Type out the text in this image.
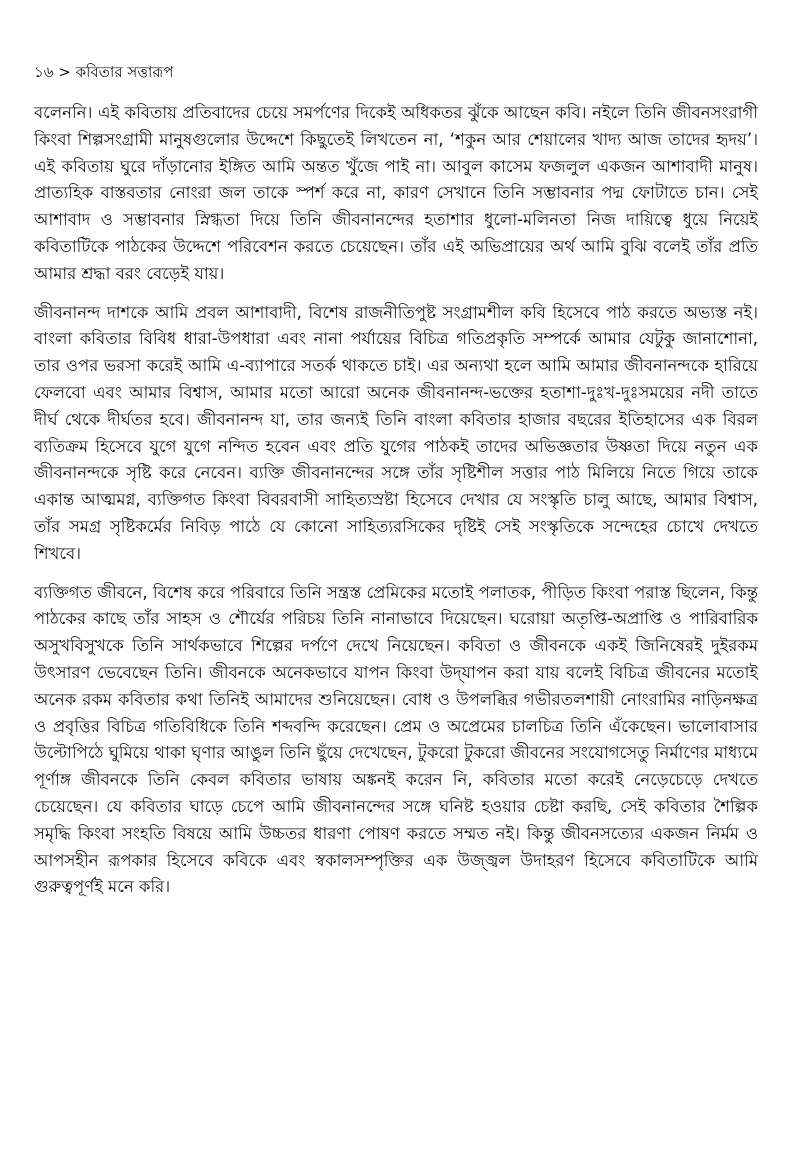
১৬ > কবিতার সত্তারূপ

বলেননি। এই কবিতায় প্রতিবাদের চেয়ে সমর্পণের দিকেই অধিকতর ঝুঁকে আছেন কবি। নইলে তিনি জীবনসংরাগী কিংবা শিল্পসংগ্রামী মানুষগুলোর উদ্দেশে কিছুতেই লিখতেন না, ‘শকুন আর শেয়ালের খাদ্য আজ তাদের হৃদয়’। এই কবিতায় ঘুরে দাঁড়ানোর ইঙ্গিত আমি অন্তত খুঁজে পাই না। আবুল কাসেম ফজলুল একজন আশাবাদী মানুষ। প্রাত্যহিক বাস্তবতার নোংরা জল তাকে স্পর্শ করে না, কারণ সেখানে তিনি সম্ভাবনার পদ্ম ফোটাতে চান। সেই আশাবাদ ও সম্ভাবনার স্নিগ্ধতা দিয়ে তিনি জীবনানন্দের হতাশার ধুলো-মলিনতা নিজ দায়িত্বে ধুয়ে নিয়েই কবিতাটিকে পাঠকের উদ্দেশে পরিবেশন করতে চেয়েছেন। তাঁর এই অভিপ্রায়ের অর্থ আমি বুঝি বলেই তাঁর প্রতি আমার শ্রদ্ধা বরং বেড়েই যায়।

জীবনানন্দ দাশকে আমি প্রবল আশাবাদী, বিশেষ রাজনীতিপুষ্ট সংগ্রামশীল কবি হিসেবে পাঠ করতে অভ্যস্ত নই। বাংলা কবিতার বিবিধ ধারা-উপধারা এবং নানা পর্যায়ের বিচিত্র গতিপ্রকৃতি সম্পর্কে আমার যেটুকু জানাশোনা, তার ওপর ভরসা করেই আমি এ-ব্যাপারে সতর্ক থাকতে চাই। এর অন্যথা হলে আমি আমার জীবনানন্দকে হারিয়ে ফেলবো এবং আমার বিশ্বাস, আমার মতো আরো অনেক জীবনানন্দ-ভক্তের হতাশা-দুঃখ-দুঃসময়ের নদী তাতে দীর্ঘ থেকে দীর্ঘতর হবে। জীবনানন্দ যা, তার জন্যই তিনি বাংলা কবিতার হাজার বছরের ইতিহাসের এক বিরল ব্যতিক্রম হিসেবে যুগে যুগে নন্দিত হবেন এবং প্রতি যুগের পাঠকই তাদের অভিজ্ঞতার উষ্ণতা দিয়ে নতুন এক জীবনানন্দকে সৃষ্টি করে নেবেন। ব্যক্তি জীবনানন্দের সঙ্গে তাঁর সৃষ্টিশীল সত্তার পাঠ মিলিয়ে নিতে গিয়ে তাকে একান্ত আত্মমগ্ন, ব্যক্তিগত কিংবা বিবরবাসী সাহিত্যস্রষ্টা হিসেবে দেখার যে সংস্কৃতি চালু আছে, আমার বিশ্বাস, তাঁর সমগ্র সৃষ্টিকর্মের নিবিড় পাঠে যে কোনো সাহিত্যরসিকের দৃষ্টিই সেই সংস্কৃতিকে সন্দেহের চোখে দেখতে শিখবে।

ব্যক্তিগত জীবনে, বিশেষ করে পরিবারে তিনি সন্ত্রস্ত প্রেমিকের মতোই পলাতক, পীড়িত কিংবা পরাস্ত ছিলেন, কিন্তু পাঠকের কাছে তাঁর সাহস ও শৌর্যের পরিচয় তিনি নানাভাবে দিয়েছেন। ঘরোয়া অতৃপ্তি-অপ্রাপ্তি ও পারিবারিক অসুখবিসুখকে তিনি সার্থকভাবে শিল্পের দর্পণে দেখে নিয়েছেন। কবিতা ও জীবনকে একই জিনিষেরই দুইরকম উৎসারণ ভেবেছেন তিনি। জীবনকে অনেকভাবে যাপন কিংবা উদ্‌যাপন করা যায় বলেই বিচিত্র জীবনের মতোই অনেক রকম কবিতার কথা তিনিই আমাদের শুনিয়েছেন। বোধ ও উপলব্ধির গভীরতলশায়ী নোংরামির নাড়িনক্ষত্র ও প্রবৃত্তির বিচিত্র গতিবিধিকে তিনি শব্দবন্দি করেছেন। প্রেম ও অপ্রেমের চালচিত্র তিনি এঁকেছেন। ভালোবাসার উল্টোপিঠে ঘুমিয়ে থাকা ঘৃণার আঙুল তিনি ছুঁয়ে দেখেছেন, টুকরো টুকরো জীবনের সংযোগসেতু নির্মাণের মাধ্যমে পূর্ণাঙ্গ জীবনকে তিনি কেবল কবিতার ভাষায় অঙ্কনই করেন নি, কবিতার মতো করেই নেড়েচেড়ে দেখতে চেয়েছেন। যে কবিতার ঘাড়ে চেপে আমি জীবনানন্দের সঙ্গে ঘনিষ্ট হওয়ার চেষ্টা করছি, সেই কবিতার শৈল্পিক সমৃদ্ধি কিংবা সংহতি বিষয়ে আমি উচ্চতর ধারণা পোষণ করতে সম্মত নই। কিন্তু জীবনসত্যের একজন নির্মম ও আপসহীন রূপকার হিসেবে কবিকে এবং স্বকালসম্পৃক্তির এক উজ্জ্বল উদাহরণ হিসেবে কবিতাটিকে আমি গুরুত্বপূর্ণই মনে করি।
